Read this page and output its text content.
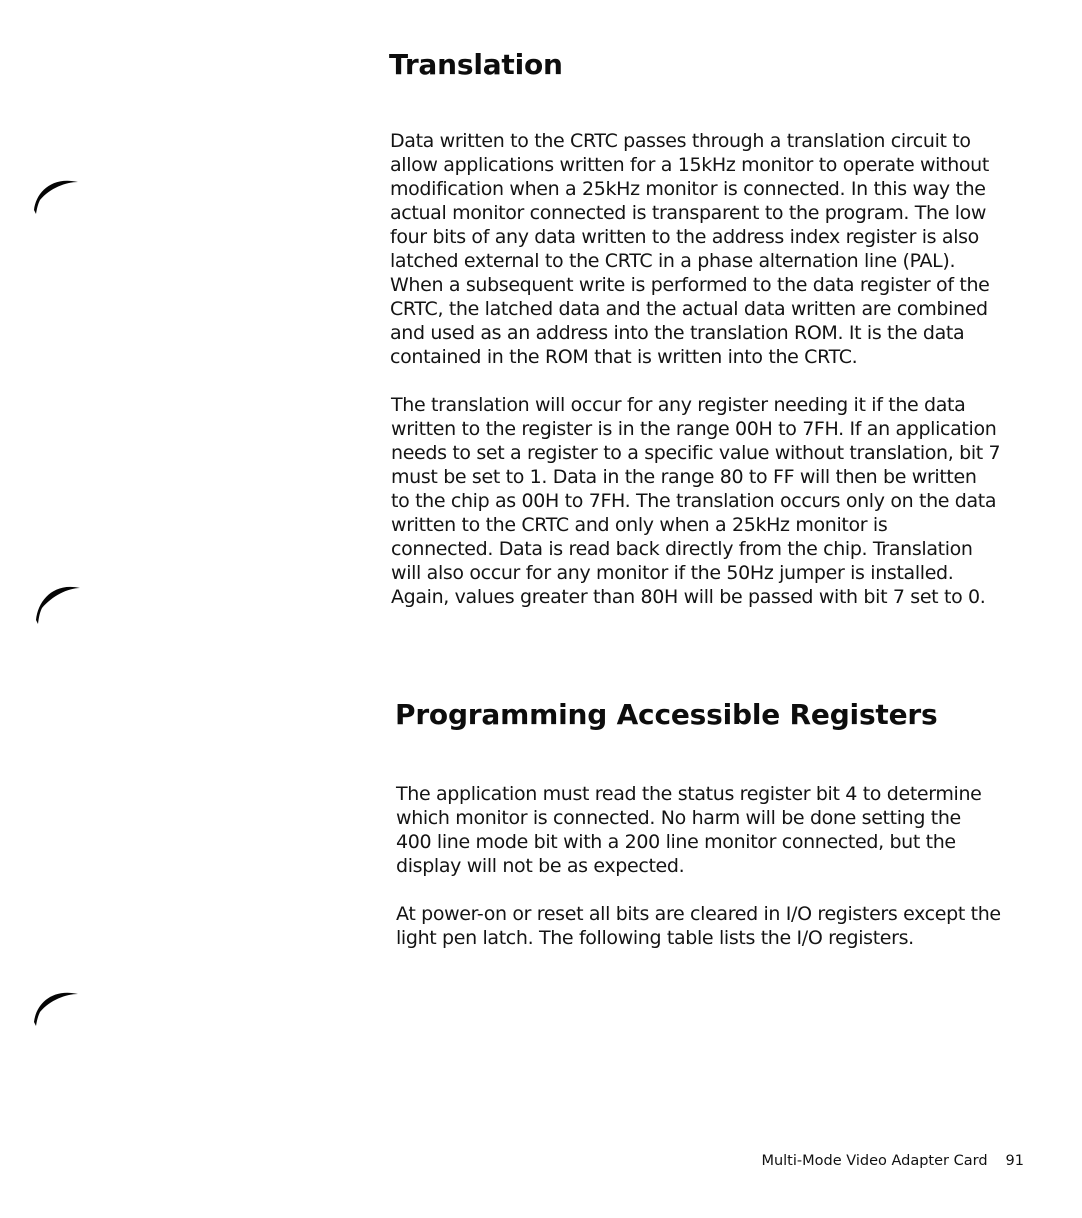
Translation
Data written to the CRTC passes through a translation circuit to
allow applications written for a 15kHz monitor to operate without
modification when a 25kHz monitor is connected. In this way the
actual monitor connected is transparent to the program. The low
four bits of any data written to the address index register is also
latched external to the CRTC in a phase alternation line (PAL).
When a subsequent write is performed to the data register of the
CRTC, the latched data and the actual data written are combined
and used as an address into the translation ROM. It is the data
contained in the ROM that is written into the CRTC.
The translation will occur for any register needing it if the data
written to the register is in the range 00H to 7FH. If an application
needs to set a register to a specific value without translation, bit 7
must be set to 1. Data in the range 80 to FF will then be written
to the chip as 00H to 7FH. The translation occurs only on the data
written to the CRTC and only when a 25kHz monitor is
connected. Data is read back directly from the chip. Translation
will also occur for any monitor if the 50Hz jumper is installed.
Again, values greater than 80H will be passed with bit 7 set to 0.
Programming Accessible Registers
The application must read the status register bit 4 to determine
which monitor is connected. No harm will be done setting the
400 line mode bit with a 200 line monitor connected, but the
display will not be as expected.
At power-on or reset all bits are cleared in I/O registers except the
light pen latch. The following table lists the I/O registers.
Multi-Mode Video Adapter Card 91
